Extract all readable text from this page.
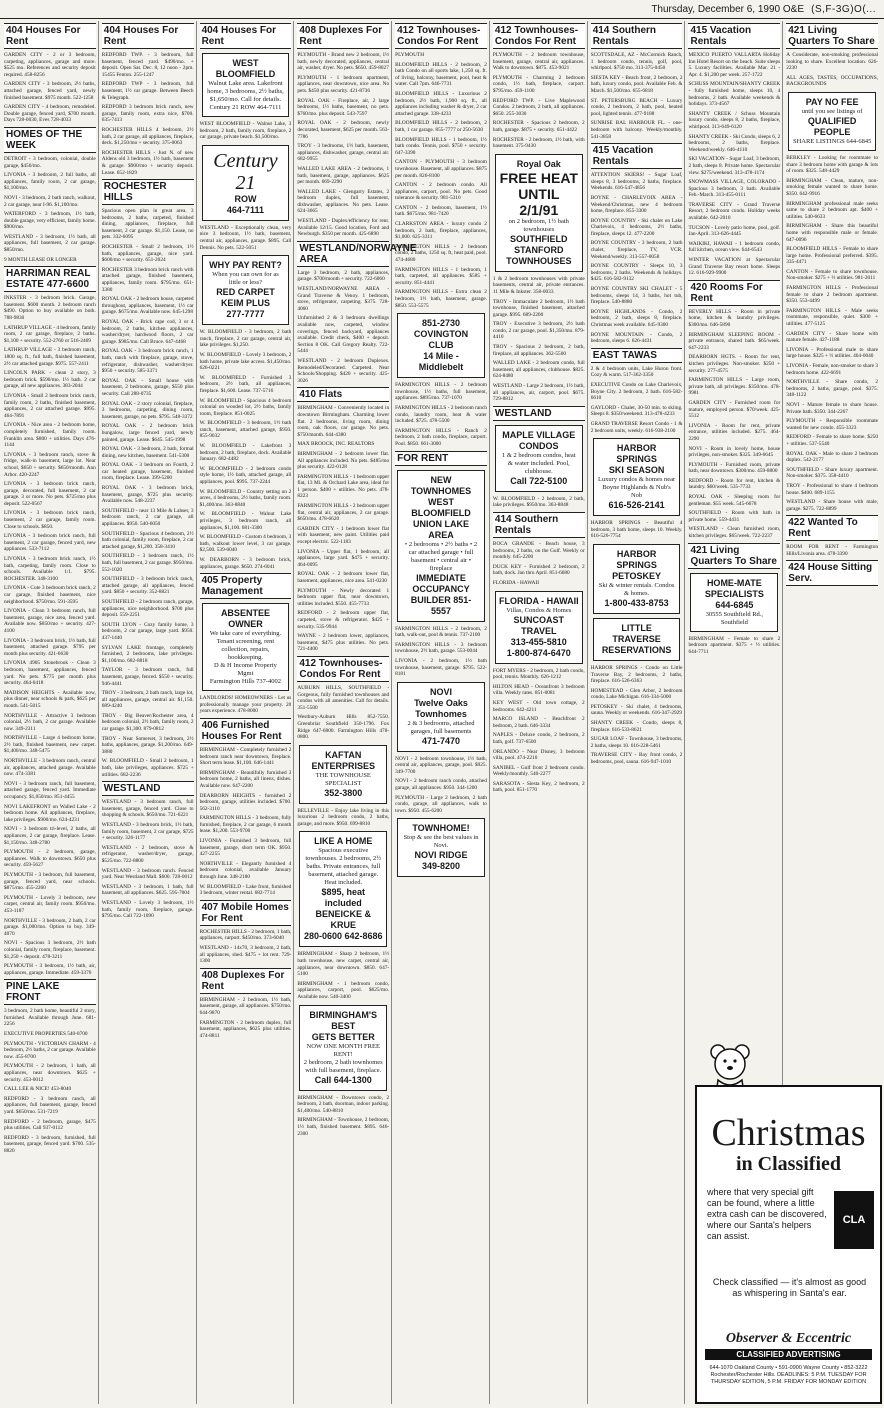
Thursday, December 6, 1990 O&E (S,F-3G)O(...
404 Houses For Rent
GARDEN CITY - 2 or 3 bedroom, carpeting, appliances, garage and more. $525 mo. References and security deposit required. 458-8256
GARDEN CITY - 3 bedroom, 2½ baths, attached garage, fenced yard, newly finished basement. $975 month. 522-1258
GARDEN CITY - 4 bedroom, remodeled. Double garage, fenced yard, $700 month. Days 728-0030, Eves 728-4033
HOMES OF THE WEEK
DETROIT - 3 bedroom, colonial, double garage, $450/mo.
LIVONIA - 3 bedroom, 2 full baths, all appliances, family room, 2 car garage, $1,100/mo.
NOVI - 3 bedroom, 2 bath ranch, walkout, 2 car garage, near I-96. $1,100/mo.
WATERFORD - 3 bedroom, 1½ bath, double garage, very efficient, family home. $900/mo.
WESTLAND - 3 bedroom, 1½ bath, all appliances, full basement, 2 car garage. $850/mo.
9 MONTH LEASE OR LONGER
HARRIMAN REAL ESTATE 477-6600
INKSTER - 3 bedroom brick. Garage, basement. $600 month. 2 bedroom ranch $490. Option to buy available on both. 788-9830
LATHRUP VILLAGE - 4 bedroom, family room, 2 car garage, fireplace, 2 baths. $1,100 + security. 552-2760 or 516-2469
LATHRUP VILLAGE - 3 bedroom ranch, 1800 sq. ft., full bath, finished basement, 2½ car attached garage. $975. 557-2411
LINCOLN PARK - clean 2 story, 3 bedroom brick. $590/mo. 1½ bath. 2 car garage, all new appliances. 383-2044
LIVONIA - Small 2 bedroom brick ranch, family room, 2 baths, finished basement, appliances, 2 car attached garage. $995. 464-7891
LIVONIA - Nice area - 2 bedroom home, completely furnished, family room. Franklin area. $800 + utilities. Days 476-1144
LIVONIA - 3 bedroom ranch, stove & fridge, walk-in basement, large lot. Near school, $650 + security. $650/month. Ann Arbor. 420-2247
LIVONIA - 3 bedroom brick ranch, garage, decorated, full basement, 2 car garage. 3 or more. No pets. $725/mo plus deposit. 522-0567
LIVONIA - 3 bedroom brick ranch, basement, 2 car garage, family room. Close to schools. $850.
LIVONIA - 3 bedroom brick ranch, full basement, 2 car garage, fenced yard, new appliances. 533-7112
LIVONIA - 3 bedroom brick ranch, 1½ bath, carpeting, family room. Close to schools. Available 1/1. $795. ROCHESTER. 348-3100
LIVONIA - Cute 3 bedroom brick ranch, 2 car garage, finished basement, nice neighborhood. $750/mo. 591-3595
LIVONIA - Clean 3 bedroom ranch, full basement, garage, nice area, fenced yard. Available now. $850/mo + security. 427-4100
LIVONIA - 3 bedroom brick, 1½ bath, full basement, attached garage. $795 per month plus security. 421-6630
LIVONIA 4905 Stonebrook - Clean 3 bedroom, basement, appliances, fenced yard. No pets. $775 per month plus security. 464-0418
MADISON HEIGHTS - Available now, plus dinner, near schools & park, $625 per month. 541-5015
NORTHVILLE - Attractive 3 bedroom colonial, 2½ bath, 2 car garage. Available now. 349-2311
NORTHVILLE - Large 4 bedroom home, 2½ bath, finished basement, new carpet. $1,400/mo. 348-5475
NORTHVILLE - 3 bedroom ranch, central air, appliances, attached garage. Available now. 474-3381
NOVI - 3 bedroom ranch, full basement, attached garage, fenced yard. Immediate occupancy. $1,050/mo. 851-4455
NOVI LAKEFRONT on Walled Lake - 2 bedroom home. All appliances, fireplace, lake privileges. $900/mo. 624-4231
NOVI - 3 bedroom tri-level, 2 baths, all appliances, 2 car garage, fireplace. Lease. $1,150/mo. 348-2780
PLYMOUTH - 2 bedroom, garage, appliances. Walk to downtown. $650 plus security. 459-5627
PLYMOUTH - 3 bedroom, full basement, garage, fenced yard, near schools. $875/mo. 455-2260
PLYMOUTH - Lovely 3 bedroom, new carpet, central air, family room. $950/mo. 453-1187
NORTHVILLE - 3 bedroom, 2 bath, 2 car garage. $1,000/mo. Option to buy. 349-4070
NOVI - Spacious 3 bedroom, 2½ bath colonial, family room, fireplace, basement. $1,250 + deposit. 478-3211
PLYMOUTH - 3 bedroom, 1½ bath, air, appliances, garage. Immediate. 459-3370
PINE LAKE FRONT
3 bedroom, 2 bath home, beautiful 2 story, furnished. Available through June. 681-2256
EXECUTIVE PROPERTIES 540-8700
PLYMOUTH - VICTORIAN CHARM - 4 bedroom, 2½ baths, 2 car garage. Available now. 455-8700
PLYMOUTH - 2 bedroom, 1 bath, all appliances, near downtown. $625 + security. 453-0012
CALL LEE & NICE! 453-8040
REDFORD - 3 bedroom ranch, all appliances, full basement, garage, fenced yard. $650/mo. 531-7219
REDFORD - 2 bedroom, garage, $475 plus utilities. Call 937-0112
REDFORD - 3 bedroom, furnished, full basement, garage, fenced yard. $700. 535-8820
404 Houses For Rent
REDFORD TWP. - 3 bedroom, full basement, fenced yard. $490/mo. + deposit. Open Sat. Dec. 8, 12 noon - 2pm. 15455 Fenton. 255-1247
REDFORD TWP - 3 bedroom, full basement, 1½ car garage. Between Beech & Telegraph.
REDFORD 3 bedroom brick ranch, new garage, family room, extra nice, $700. 635-7413
ROCHESTER HILLS 4 bedroom, 2½ bath, 2 car garage, all appliances, fireplace, deck. $1,250/mo + security. 375-0063
ROCHESTER HILLS - Just N. of new Aldens old 3 bedroom, 1½ bath, basement & garage. $900/mo + security deposit. Lease. 652-1829
ROCHESTER HILLS
Spacious open plan in great area. 3 bedrooms, 2 baths, carpeted, finished dining, appliances, fireplace, full basement, 2 car garage. $1,150. Lease, no pets. 332-6095
ROCHESTER - Small 2 bedroom, 1½ bath, appliances, garage, nice yard. $600/mo + security. 651-2024
ROCHESTER 3 bedroom brick ranch with attached garage, finished basement, appliances, family room. $795/mo. 651-3380
ROYAL OAK - 2 bedroom house, carpeted throughout, appliances, basement, 1½ car garage. $675/mo. Available now. 645-1298
ROYAL OAK - Brick cape cod, 3 or 4 bedroom, 2 baths, kitchen appliances, washer/dryer, hardwood floors, 2 car garage. $985/mo. Call Bruce. 647-4468
ROYAL OAK - 3 bedroom brick ranch, 1 bath, ranch with fireplace, garage, stove, refrigerator, dishwasher, washer/dryer. $950 + security. 585-3371
ROYAL OAK - Small house with basement, 2 bedrooms, garage, $550 plus security. Call 288-0735
ROYAL OAK - 2 story colonial, fireplace, 3 bedrooms, carpeting, dining room, basement, garage, no pets. $795. 548-3372
ROYAL OAK - 2 bedroom brick bungalow, large fenced yard, newly painted, garage. Lease. $645. 545-1998
ROYAL OAK - 3 bedroom, 2 bath, formal dining, new kitchen, basement. 541-5300
ROYAL OAK - 3 bedroom on Fourth, 2 car heated garage, basement, finished room, fireplace. Lease. 399-5200
ROYAL OAK - 3 bedroom brick, basement, garage, $725 plus security. Available now. 548-2237
SOUTHFIELD - near 13 Mile & Lahser, 3 bedroom ranch, 2 car garage, all appliances. $950. 540-6050
SOUTHFIELD - Spacious 4 bedroom, 2½ bath colonial, family room, fireplace, 2 car attached garage, $1,200. 358-3410
SOUTHFIELD - 3 bedroom ranch, 1½ bath, full basement, 2 car garage. $950/mo. 552-1020
SOUTHFIELD - 3 bedroom brick ranch, attached garage, all appliances, fenced yard. $850 + security. 352-8821
SOUTHFIELD - 2 bedroom ranch, garage, appliances, nice neighborhood. $700 plus deposit. 559-2251
SOUTH LYON - Cozy family home, 3 bedroom, 2 car garage, large yard. $950. 437-1440
SYLVAN LAKE frontage, completely furnished, 2 bedrooms, lake privileges. $1,100/mo. 682-8818
TAYLOR - 3 bedroom ranch, full basement, garage, fenced. $550 + security. 946-4441
TROY - 3 bedroom, 2 bath ranch, large lot, all appliances, garage, central air. $1,150. 689-4240
TROY - Big Beaver/Rochester area, 4 bedroom colonial, 2½ bath, family room, 2 car garage. $1,300. 879-0812
TROY - Near Somerset, 3 bedroom, 2½ baths, appliances, garage. $1,200/mo. 649-3880
W. BLOOMFIELD - Small 2 bedroom, 1 bath, lake privileges, appliances. $725 + utilities. 682-2236
WESTLAND
WESTLAND - 3 bedroom ranch, full basement, garage, fenced yard. Close to shopping & schools. $650/mo. 721-6221
WESTLAND - 3 bedroom brick, 1½ bath, family room, basement, 2 car garage, $725 + security. 326-1177
WESTLAND - 2 bedroom, stove & refrigerator, washer/dryer, garage, $525/mo. 722-8800
WESTLAND - 3 bedroom ranch. Fenced yard. Near Westland Mall. $600. 728-0012
WESTLAND - 3 bedroom, 1 bath, full basement, all appliances. $625. 595-7004
WESTLAND - Lovely 3 bedroom, 1½ bath, family room, fireplace, garage. $795/mo. Call 722-1090
404 Houses For Rent
WEST BLOOMFIELD
Walnut Lake area. Lakefront home, 3 bedrooms, 2½ baths, $1,650/mo. Call for details.
Century 21 ROW 464-7111
WEST BLOOMFIELD - Walnut Lake, 3 bedroom, 2 bath, family room, fireplace, 2 car garage, private beach. $1,500/mo.
Century 21
ROW
464-7111
WESTLAND - Exceptionally clean, very nice 3 bedroom, 1½ bath, basement, central air, appliances, garage. $895. Call Dennis. No pets. 522-5051
WHY PAY RENT?
When you can own for as little or less?
RED CARPET KEIM PLUS
277-7777
W. BLOOMFIELD - 3 bedroom, 2 bath ranch, fireplace, 2 car garage, central air, lake privileges. $1,250.
W. BLOOMFIELD - Lovely 3 bedroom, 2 bath home, private lake access. $1,450/mo. 626-0221
W. BLOOMFIELD - Furnished 3 bedroom, 2½ bath, all appliances, fireplace. $1,600. Lease. 737-5716
W. BLOOMFIELD - Spacious 4 bedroom colonial on wooded lot, 2½ baths, family room, fireplace. 851-0025
W. BLOOMFIELD - 3 bedroom, 1½ bath ranch, basement, attached garage, $950. 855-9032
W. BLOOMFIELD - Lakefront 3 bedroom, 2 bath, fireplace, dock. Available January. 682-4482
W. BLOOMFIELD - 2 bedroom condo style home, 1½ bath, attached garage, all appliances, pool. $995. 737-2244
W. BLOOMFIELD - Country setting on 2 acres, 4 bedrooms, 2½ baths, family room. $1,400/mo. 363-8840
W. BLOOMFIELD - Walnut Lake privileges, 3 bedroom ranch, all appliances, $1,100. 681-3300
W. BLOOMFIELD - Custom 4 bedroom, 3 bath, walkout lower level, 3 car garage. $2,500. 539-0040
W. DEARBORN - 3 bedroom brick, appliances, garage. $650. 274-6041
405 Property Management
ABSENTEE OWNER
We take care of everything. Tenant screening, rent collection, repairs, bookkeeping.
D & H Income Property Mgmt
Farmington Hills 737-4002
LANDLORDS! HOMEOWNERS - Let us professionally manage your property. 20 years experience. 478-8000
406 Furnished Houses For Rent
BIRMINGHAM - Completely furnished 2 bedroom ranch near downtown, fireplace. Short term lease. $1,100. 646-1441
BIRMINGHAM - Beautifully furnished 3 bedroom home, 2 baths, all linens, dishes. Available now. 647-2200
DEARBORN HEIGHTS - furnished 2 bedroom, garage, utilities included. $700. 562-3110
FARMINGTON HILLS - 3 bedroom, fully furnished, fireplace, 2 car garage, 6 month lease. $1,200. 553-9700
LIVONIA - Furnished 3 bedroom, full basement, garage, short term OK. $950. 427-2255
NORTHVILLE - Elegantly furnished 4 bedroom colonial, available January through June. 348-2180
W. BLOOMFIELD - Lake front, furnished 3 bedroom, winter rental. 682-7714
407 Mobile Homes For Rent
ROCHESTER HILLS - 2 bedroom, 1 bath, appliances, carport. $450/mo. 373-6040
WESTLAND - 14x70, 3 bedroom, 2 bath, all appliances, shed. $475 + lot rent. 729-1300
408 Duplexes For Rent
BIRMINGHAM - 2 bedroom, 1½ bath, basement, garage, all appliances. $750/mo. 644-9870
FARMINGTON - 2 bedroom duplex, full basement, appliances, $625 plus utilities. 474-8811
408 Duplexes For Rent
PLYMOUTH - Brand new 2 bedroom, 1½ bath, newly decorated, appliances, central air, washer, dryer. No pets. $650. 459-8027
PLYMOUTH - 1 bedroom apartment, appliances, near downtown, nice area. No pets. $450 plus security. 421-8736
ROYAL OAK - Fireplace, air, 2 large bedrooms, 1½ baths, basement, no pets. $760/mo. plus deposit. 543-7597
ROYAL OAK - 2 bedroom, newly decorated, basement, $625 per month. 563-7786
TROY - 3 bedrooms, 1½ bath, basement, appliances, dishwasher, garage, central air. 682-9955
WALLED LAKE AREA - 2 bedrooms, 1 bath, basement, garage, appliances. $625 per month. 669-2290
WALLED LAKE - Glengarry Estates, 2 bedroom duplex, full basement, dishwasher, appliances. No pets. Lease. 624-3665
WESTLAND - Duplex/efficiency for rent. Available 12/15. Good location, Ford and Newburgh. $350 per month. 425-6890
WESTLAND/NORWAYNE AREA
Large 3 bedroom, 2 bath, appliances, garage. $700/month + security. 722-6060
WESTLAND/NORWAYNE AREA - Grand Traverse & Venoy. 1 bedroom, stove, refrigerator, carpeting. $375. 728-4060
Unfurnished 2 & 3 bedroom dwellings available now, carpeted, window coverings, fenced backyard, appliances available. Credit check, $400 + deposit. Section 8 OK. Call Gregory Realty. 722-5444
WESTLAND - 2 bedroom Duplexes. Remodeled/Decorated. Carpeted. Near Schools/Shopping. $420 + security. 425-3026
410 Flats
BIRMINGHAM - Conveniently located in downtown Birmingham. Charming lower flat. 2 bedrooms, living room, dining room, oak floors, car garage. No pets. $750/month. 644-4380
MAX BROOCK, INC. REALTORS
BIRMINGHAM - 2 bedroom lower flat. All appliances included. No pets. $485/mo plus security. 422-0128
FARMINGTON HILLS - 1 bedroom upper flat, 13 Mi. & Orchard Lake area, ideal for 1 person. $400 + utilities. No pets. 478-8223
FARMINGTON HILLS - 2 bedroom upper flat, central air, appliances, 2 car garage. $650/mo. 478-6620
GARDEN CITY - 1 bedroom lower flat with basement, new paint. Utilities paid except electric. 522-1183
LIVONIA - Upper flat, 1 bedroom, all appliances, large yard. $475 + security. 464-0095
ROYAL OAK - 2 bedroom lower flat, basement, appliances, nice area. 541-0230
PLYMOUTH - Newly decorated 1 bedroom upper flat, near downtown, utilities included. $550. 455-7733
REDFORD - 2 bedroom upper flat, carpeted, stove & refrigerator. $425 + security. 535-9944
WAYNE - 2 bedroom lower, appliances, basement, $475 plus utilities. No pets. 721-4400
412 Townhouses-Condos For Rent
AUBURN HILLS, SOUTHFIELD - Gorgeous, fully furnished townhouses and condos with all amenities. Call for details. 351-5500
Westbury-Auburn Hills 852-7550. Greenbriar Southfield 350-1796. Fox Ridge 647-6800. Farmington Hills 478-0800.
KAFTAN ENTERPRISES
THE TOWNHOUSE SPECIALIST
352-3800
BELLEVILLE - Enjoy lake living in this luxurious 2 bedroom condo, 2 baths, garage, and more. $950. 699-8810
LIKE A HOME
Spacious executive townhouses. 2 bedrooms, 2½ baths. Private entrances, full basement, attached garage. Heat included.
$895, heat included
BENEICKE & KRUE
280-0600 642-8686
BIRMINGHAM - Sharp 2 bedroom, 1½ bath townhouse, new carpet, central air, appliances, near downtown. $850. 647-5100
BIRMINGHAM - 1 bedroom condo, appliances, carport, pool. $625/mo. Available now. 540-3400
BIRMINGHAM'S BEST
GETS BETTER
NOW ONE MONTH FREE RENT!
2 bedroom, 2 bath townhomes with full basement, fireplace.
Call 644-1300
BIRMINGHAM - Downtown condo, 2 bedroom, 2 bath, doorman, indoor parking. $1,400/mo. 540-8810
BIRMINGHAM - Townhouse, 2 bedroom, 1½ bath, finished basement. $895. 646-2300
412 Townhouses-Condos For Rent
PLYMOUTH
BLOOMFIELD HILLS - 2 bedroom, 2 bath Condo on all sports lake, 1,250 sq. ft. of living, balcony, basement, pool, heat & water. Call 7pm. 646-7731
BLOOMFIELD HILLS - Luxurious 2 bedroom, 2½ bath, 1,900 sq. ft., all appliances including washer & dryer, 2 car attached garage. 338-4233
BLOOMFIELD HILLS - 2 bedroom, 2 bath, 1 car garage. 855-7777 or 250-5630
BLOOMFIELD HILLS - 1 bedroom, 1½ bath condo. Tennis, pool. $750 + security. 647-3390
CANTON - PLYMOUTH - 3 bedroom townhouse. Basement, all appliances. $875 per month. 826-8100
CANTON - 2 bedroom condo. All appliances, carport, pool. No pets. Good tolerance & security. 981-5310
CANTON - 2 bedroom, basement, 1½ bath. $675/mo. 981-7420
CLARKSTON AREA - luxury condo 2 bedroom, 2 bath, fireplace, appliances, $1,000. 625-3311
FARMINGTON HILLS - 2 bedroom condo, 2 baths, 1250 sq. ft, heat paid, pool. 474-4680
FARMINGTON HILLS - 1 bedroom, 1 bath, carpeted, all appliances. $585 + security. 851-4441
FARMINGTON HILLS - Extra clean 2 bedroom, 1½ bath, basement, garage. $850. 553-5575
851-2730
COVINGTON CLUB
14 Mile - Middlebelt
FARMINGTON HILLS - 2 bedroom townhouse, 1½ baths, full basement, appliances. $895/mo. 737-1070
FARMINGTON HILLS - 2 bedroom ranch condo, laundry room, heat & water included. $725. 478-5500
FARMINGTON HILLS - Ranch 2 bedroom, 2 bath condo, fireplace, carport. Pool. $850. 661-3000
FOR RENT
NEW TOWNHOMES
WEST BLOOMFIELD
UNION LAKE AREA
• 2 bedrooms • 2½ baths • 2 car attached garage • full basement • central air • fireplace
IMMEDIATE OCCUPANCY
BUILDER 851-5557
FARMINGTON HILLS - 2 bedroom, 2 bath, walk-out, pool & tennis. 737-2100
FARMINGTON HILLS - 3 bedroom townhouse, 2½ bath, garage. 553-0044
LIVONIA - 2 bedroom, 1½ bath townhouse, basement, garage. $795. 522-8181
NOVI
Twelve Oaks
Townhomes
2 & 3 bedrooms, attached garages, full basements
471-7470
NOVI - 2 bedroom townhouse, 1½ bath, central air, appliances, garage, pool. $925. 349-7700
NOVI - 2 bedroom ranch condo, attached garage, all appliances. $950. 344-1200
PLYMOUTH - Large 2 bedroom, 2 bath condo, garage, all appliances, walk to town. $950. 455-6200
TOWNHOME!
Stop & see the best values in Novi.
NOVI RIDGE
349-8200
412 Townhouses-Condos For Rent
PLYMOUTH - 2 bedroom townhouse, basement, garage, central air, appliances. Walk to downtown. $875. 453-9021
PLYMOUTH - Charming 2 bedroom condo, 1½ bath, fireplace, carport. $795/mo. 459-1100
REDFORD TWP. - Live Maplewood Condos. 2 bedroom, 2 bath, all appliances. $650. 255-3030
ROCHESTER - Spacious 2 bedroom, 2 bath, garage. $875 + security. 651-4422
ROCHESTER - 2 bedroom, 1½ bath, with basement. 375-9430
Royal Oak
FREE HEAT
UNTIL 2/1/91
on 2 bedroom, 1½ bath townhouses
SOUTHFIELD
STANFORD
TOWNHOUSES
1 & 2 bedroom townhouses with private basements, central air, private entrances. 11 Mile & Inkster. 358-0033
TROY - Immaculate 2 bedroom, 1½ bath townhouse, finished basement, attached garage. $995. 689-2200
TROY - Executive 3 bedroom, 2½ bath condo, 2 car garage, pool. $1,350/mo. 879-4410
TROY - Spacious 2 bedroom, 2 bath, fireplace, all appliances. 362-5500
WALLED LAKE - 2 bedroom condo, full basement, all appliances, clubhouse. $825. 624-8480
WESTLAND - Large 2 bedroom, 1½ bath, all appliances, air, carport, pool. $675. 729-8812
WESTLAND
MAPLE VILLAGE
CONDOS
1 & 2 bedroom condos, heat & water included. Pool, clubhouse.
Call 722-5100
W. BLOOMFIELD - 2 bedroom, 2 bath, lake privileges. $950/mo. 363-8848
414 Southern Rentals
BOCA GRANDE - Beach house, 3 bedrooms, 2 baths, on the Gulf. Weekly or monthly. 645-2200
DUCK KEY - Furnished 2 bedroom, 2 bath, dock. Jan thru April. 851-6680
FLORIDA - HAWAII
FLORIDA - HAWAII
Villas, Condos & Homes
SUNCOAST TRAVEL
313-455-5810
1-800-874-6470
FORT MYERS - 2 bedroom, 2 bath condo, pool, tennis. Monthly. 626-1212
HILTON HEAD - Oceanfront 3 bedroom villa. Weekly rates. 851-0081
KEY WEST - Old town cottage, 2 bedrooms. 642-4211
MARCO ISLAND - Beachfront 2 bedroom, 2 bath. 646-3334
NAPLES - Deluxe condo, 2 bedroom, 2 bath, golf. 737-6500
ORLANDO - Near Disney, 3 bedroom villa, pool. 474-2210
SANIBEL - Gulf front 2 bedroom condo. Weekly/monthly. 540-2277
SARASOTA - Siesta Key, 2 bedroom, 2 bath, pool. 851-1770
414 Southern Rentals
SCOTTSDALE, AZ - McCormick Ranch, 1 bedroom condo, tennis, golf, pool, whirlpool. $750 mo. 313-375-0450
SIESTA KEY - Beach front, 2 bedroom, 2 bath, luxury condo, pool. Available Feb. & March. $1,500/mo. 655-6818
ST. PETERSBURG BEACH - Luxury condo, 2 bedroom, 2 bath, pool, heated pool, lighted tennis. 477-9188
SUNRISE BAL HARBOUR FL. - one-bedroom with balcony. Weekly/monthly. 541-3858
415 Vacation Rentals
ATTENTION SKIERS! - Sugar Loaf, sleeps 8, 3 bedrooms, 2 baths, fireplace. Weekends. 616-547-4856
BOYNE - CHARLEVOIX AREA - Weekend/Christmas, new 4 bedroom home, fireplace. 855-3300
BOYNE COUNTRY - Ski chalet on Lake Charlevoix, 4 bedrooms, 2½ baths, fireplace, sleeps 12. 477-2200
BOYNE COUNTRY - 3 bedroom, 2 bath chalet, fireplace, TV, VCR. Weekend/weekly. 313-557-0058
BOYNE COUNTRY - Sleeps 10, 3 bedrooms, 2 baths. Weekends & holidays. $425. 616-582-9132
BOYNE COUNTRY SKI CHALET - 5 bedrooms, sleeps 14, 3 baths, hot tub, fireplace. 540-8880
BOYNE HIGHLANDS - Condo, 2 bedroom, 2 bath, sleeps 8, fireplace. Christmas week available. 645-9300
BOYNE MOUNTAIN - Condo, 2 bedroom, sleeps 6. 626-4431
EAST TAWAS
2 & 4 bedroom units, Lake Huron front. Cozy & warm. 517-362-3350
EXECUTIVE Condo on Lake Charlevoix, Boyne City. 2 bedroom, 2 bath. 616-582-6610
GAYLORD - Chalet, 30-50 min. to skiing. Sleeps 8. $350/weekend. 313-478-4233
GRAND TRAVERSE Resort Condo - 1 & 2 bedroom units, weekly. 616-938-2100
HARBOR SPRINGS
SKI SEASON
Luxury condos & homes near Boyne Highlands & Nub's Nob
616-526-2141
HARBOR SPRINGS - Beautiful 4 bedroom, 3 bath home, sleeps 10. Weekly. 616-526-7754
HARBOR SPRINGS
PETOSKEY
Ski & winter rentals. Condos & homes.
1-800-433-8753
LITTLE TRAVERSE
RESERVATIONS
HARBOR SPRINGS - Condo on Little Traverse Bay, 2 bedrooms, 2 baths, fireplace. 616-526-6363
HOMESTEAD - Glen Arbor, 2 bedroom condo, Lake Michigan. 616-334-5000
PETOSKEY - Ski chalet, 4 bedrooms, sauna. Weekly or weekends. 616-347-2929
SHANTY CREEK - Condo, sleeps 8, fireplace. 616-533-8621
SUGAR LOAF - Townhouse, 3 bedrooms, 2 baths, sleeps 10. 616-228-5461
TRAVERSE CITY - Bay front condo, 2 bedrooms, pool, sauna. 616-947-1010
415 Vacation Rentals
MEXICO PUERTO VALLARTA Holiday Inn Hotel Resort on the beach. Suite sleeps 5. Luxury facilities. Available Mar. 21 - Apr. 4. $1,200 per week. 257-1722
SCHUSS MOUNTAIN/SHANTY CREEK - fully furnished home, sleeps 10, 4 bedrooms, 2 bath. Available weekends & holidays. 373-4567
SHANTY CREEK / Schuss Mountain luxury condo, sleeps 8, 2 baths, fireplace, whirlpool. 313-649-6120
SHANTY CREEK - Ski Condo, sleeps 6, 2 bedrooms, 2 baths, fireplace. Weekend/weekly. 646-4110
SKI VACATION - Sugar Loaf, 3 bedroom, 2 bath, sleeps 8. Private home. Spectacular view. $275/weekend. 313-478-1174
SNOWMASS VILLAGE, COLORADO - Spacious 3 bedroom, 3 bath. Available Feb.-March. 313-455-0111
TRAVERSE CITY - Grand Traverse Resort, 2 bedroom condo. Holiday weeks available. 642-2010
TUCSON - Lovely patio home, pool, golf. Jan-April. 313-626-4445
WAIKIKI, HAWAII - 1 bedroom condo, full kitchen, ocean view. 644-6543
WINTER VACATION at Spectacular Grand Traverse Bay resort home. Sleeps 12. 616-929-9900
420 Rooms For Rent
BEVERLY HILLS - Room in private home, kitchen & laundry privileges. $300/mo. 646-5890
BIRMINGHAM SLEEPING ROOM - private entrance, shared bath. $65/week. 647-2233
DEARBORN HGTS. - Room for rent, kitchen privileges. Non-smoker. $250 + security. 277-4575
FARMINGTON HILLS - Large room, private bath, all privileges. $350/mo. 478-9981
GARDEN CITY - Furnished room for mature, employed person. $70/week. 425-5512
LIVONIA - Room for rent, private entrance, utilities included. $275. 464-2290
NOVI - Room in lovely home, house privileges, non-smoker. $325. 349-6645
PLYMOUTH - Furnished room, private bath, near downtown. $300/mo. 459-8800
REDFORD - Room for rent, kitchen & laundry. $60/week. 535-7733
ROYAL OAK - Sleeping room for gentleman. $55 week. 545-6678
SOUTHFIELD - Room with bath in private home. 559-4431
WESTLAND - Clean furnished room, kitchen privileges. $65/week. 722-2237
421 Living Quarters To Share
HOME-MATE
SPECIALISTS
644-6845
30555 Southfield Rd., Southfield
BIRMINGHAM - Female to share 2 bedroom apartment. $375 + ½ utilities. 644-7711
421 Living Quarters To Share
A Considerate, non-smoking professional looking to share. Excellent location. 626-2230
ALL AGES, TASTES, OCCUPATIONS, BACKGROUNDS
PAY NO FEE
until you see listings of
QUALIFIED PEOPLE
SHARE LISTINGS 644-6845
BERKLEY - Looking for roommate to share 3 bedroom home with garage & lots of room. $325. 548-4429
BIRMINGHAM - Clean, mature, non-smoking female wanted to share home. $350. 642-9916
BIRMINGHAM professional male seeks same to share 2 bedroom apt. $400 + utilities. 540-6633
BIRMINGHAM - Share this beautiful home with responsible male or female. 647-0096
BLOOMFIELD HILLS - Female to share large home. Professional preferred. $395. 335-4471
CANTON - Female to share townhouse. Non-smoker. $275 + ½ utilities. 981-2011
FARMINGTON HILLS - Professional female to share 2 bedroom apartment. $350. 553-4499
FARMINGTON HILLS - Male seeks roommate, responsible, quiet. $300 + utilities. 477-5125
GARDEN CITY - Share home with mature female. 427-1188
LIVONIA - Professional male to share large house. $325 + ½ utilities. 464-0040
LIVONIA - Female, non-smoker to share 3 bedroom home. 422-6691
NORTHVILLE - Share condo, 2 bedrooms, 2 baths, garage, pool. $375. 348-1122
NOVI - Mature female to share house. Private bath. $350. 344-2267
PLYMOUTH - Responsible roommate wanted for new condo. 455-3323
REDFORD - Female to share home. $250 + utilities. 537-5540
ROYAL OAK - Male to share 2 bedroom duplex. 542-2177
SOUTHFIELD - Share luxury apartment. Non-smoker. $375. 358-4410
TROY - Professional to share 4 bedroom house. $400. 689-1155
WESTLAND - Share house with male, garage. $275. 722-8899
422 Wanted To Rent
ROOM FOR RENT - Farmington Hills/Livonia area. 478-3390
424 House Sitting Serv.
Christmas
in Classified
where that very special gift can be found, where a little extra cash can be discovered, where our Santa's helpers can assist.
CLA
Check classified — it's almost as good as whispering in Santa's ear.
Observer & Eccentric
CLASSIFIED ADVERTISING
644-1070 Oakland County • 591-0900 Wayne County • 852-3222 Rochester/Rochester Hills. DEADLINES: 5 P.M. TUESDAY FOR THURSDAY EDITION, 5 P.M. FRIDAY FOR MONDAY EDITION
